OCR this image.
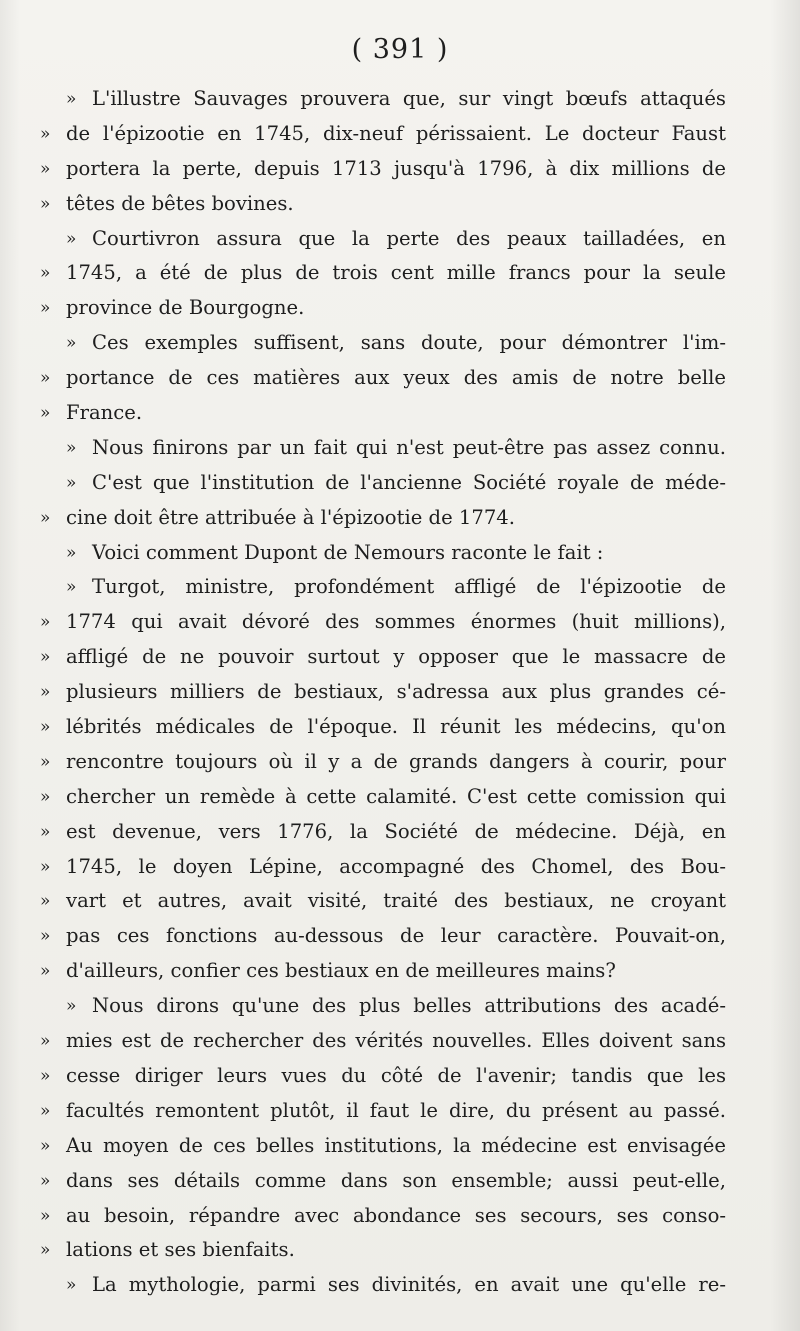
( 391 )
» L'illustre Sauvages prouvera que, sur vingt bœufs attaqués
» de l'épizootie en 1745, dix-neuf périssaient. Le docteur Faust
» portera la perte, depuis 1713 jusqu'à 1796, à dix millions de
» têtes de bêtes bovines.
» Courtivron assura que la perte des peaux tailladées, en
» 1745, a été de plus de trois cent mille francs pour la seule
» province de Bourgogne.
» Ces exemples suffisent, sans doute, pour démontrer l'im-
» portance de ces matières aux yeux des amis de notre belle
» France.
» Nous finirons par un fait qui n'est peut-être pas assez connu.
» C'est que l'institution de l'ancienne Société royale de méde-
» cine doit être attribuée à l'épizootie de 1774.
» Voici comment Dupont de Nemours raconte le fait :
» Turgot, ministre, profondément affligé de l'épizootie de
» 1774 qui avait dévoré des sommes énormes (huit millions),
» affligé de ne pouvoir surtout y opposer que le massacre de
» plusieurs milliers de bestiaux, s'adressa aux plus grandes cé-
» lébrités médicales de l'époque. Il réunit les médecins, qu'on
» rencontre toujours où il y a de grands dangers à courir, pour
» chercher un remède à cette calamité. C'est cette comission qui
» est devenue, vers 1776, la Société de médecine. Déjà, en
» 1745, le doyen Lépine, accompagné des Chomel, des Bou-
» vart et autres, avait visité, traité des bestiaux, ne croyant
» pas ces fonctions au-dessous de leur caractère. Pouvait-on,
» d'ailleurs, confier ces bestiaux en de meilleures mains?
» Nous dirons qu'une des plus belles attributions des acadé-
» mies est de rechercher des vérités nouvelles. Elles doivent sans
» cesse diriger leurs vues du côté de l'avenir; tandis que les
» facultés remontent plutôt, il faut le dire, du présent au passé.
» Au moyen de ces belles institutions, la médecine est envisagée
» dans ses détails comme dans son ensemble; aussi peut-elle,
» au besoin, répandre avec abondance ses secours, ses conso-
» lations et ses bienfaits.
» La mythologie, parmi ses divinités, en avait une qu'elle re-
